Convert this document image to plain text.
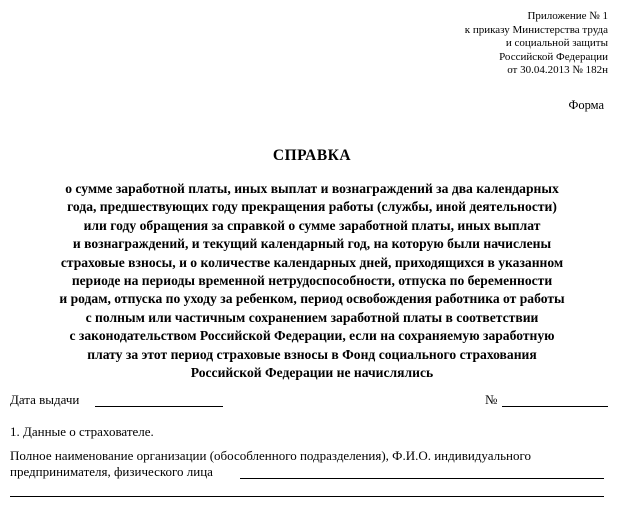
Приложение № 1
к приказу Министерства труда
и социальной защиты
Российской Федерации
от 30.04.2013 № 182н
Форма
СПРАВКА
о сумме заработной платы, иных выплат и вознаграждений за два календарных
года, предшествующих году прекращения работы (службы, иной деятельности)
или году обращения за справкой о сумме заработной платы, иных выплат
и вознаграждений, и текущий календарный год, на которую были начислены
страховые взносы, и о количестве календарных дней, приходящихся в указанном
периоде на периоды временной нетрудоспособности, отпуска по беременности
и родам, отпуска по уходу за ребенком, период освобождения работника от работы
с полным или частичным сохранением заработной платы в соответствии
с законодательством Российской Федерации, если на сохраняемую заработную
плату за этот период страховые взносы в Фонд социального страхования
Российской Федерации не начислялись
Дата выдачи	№
1. Данные о страхователе.
Полное наименование организации (обособленного подразделения), Ф.И.О. индивидуального
предпринимателя, физического лица
